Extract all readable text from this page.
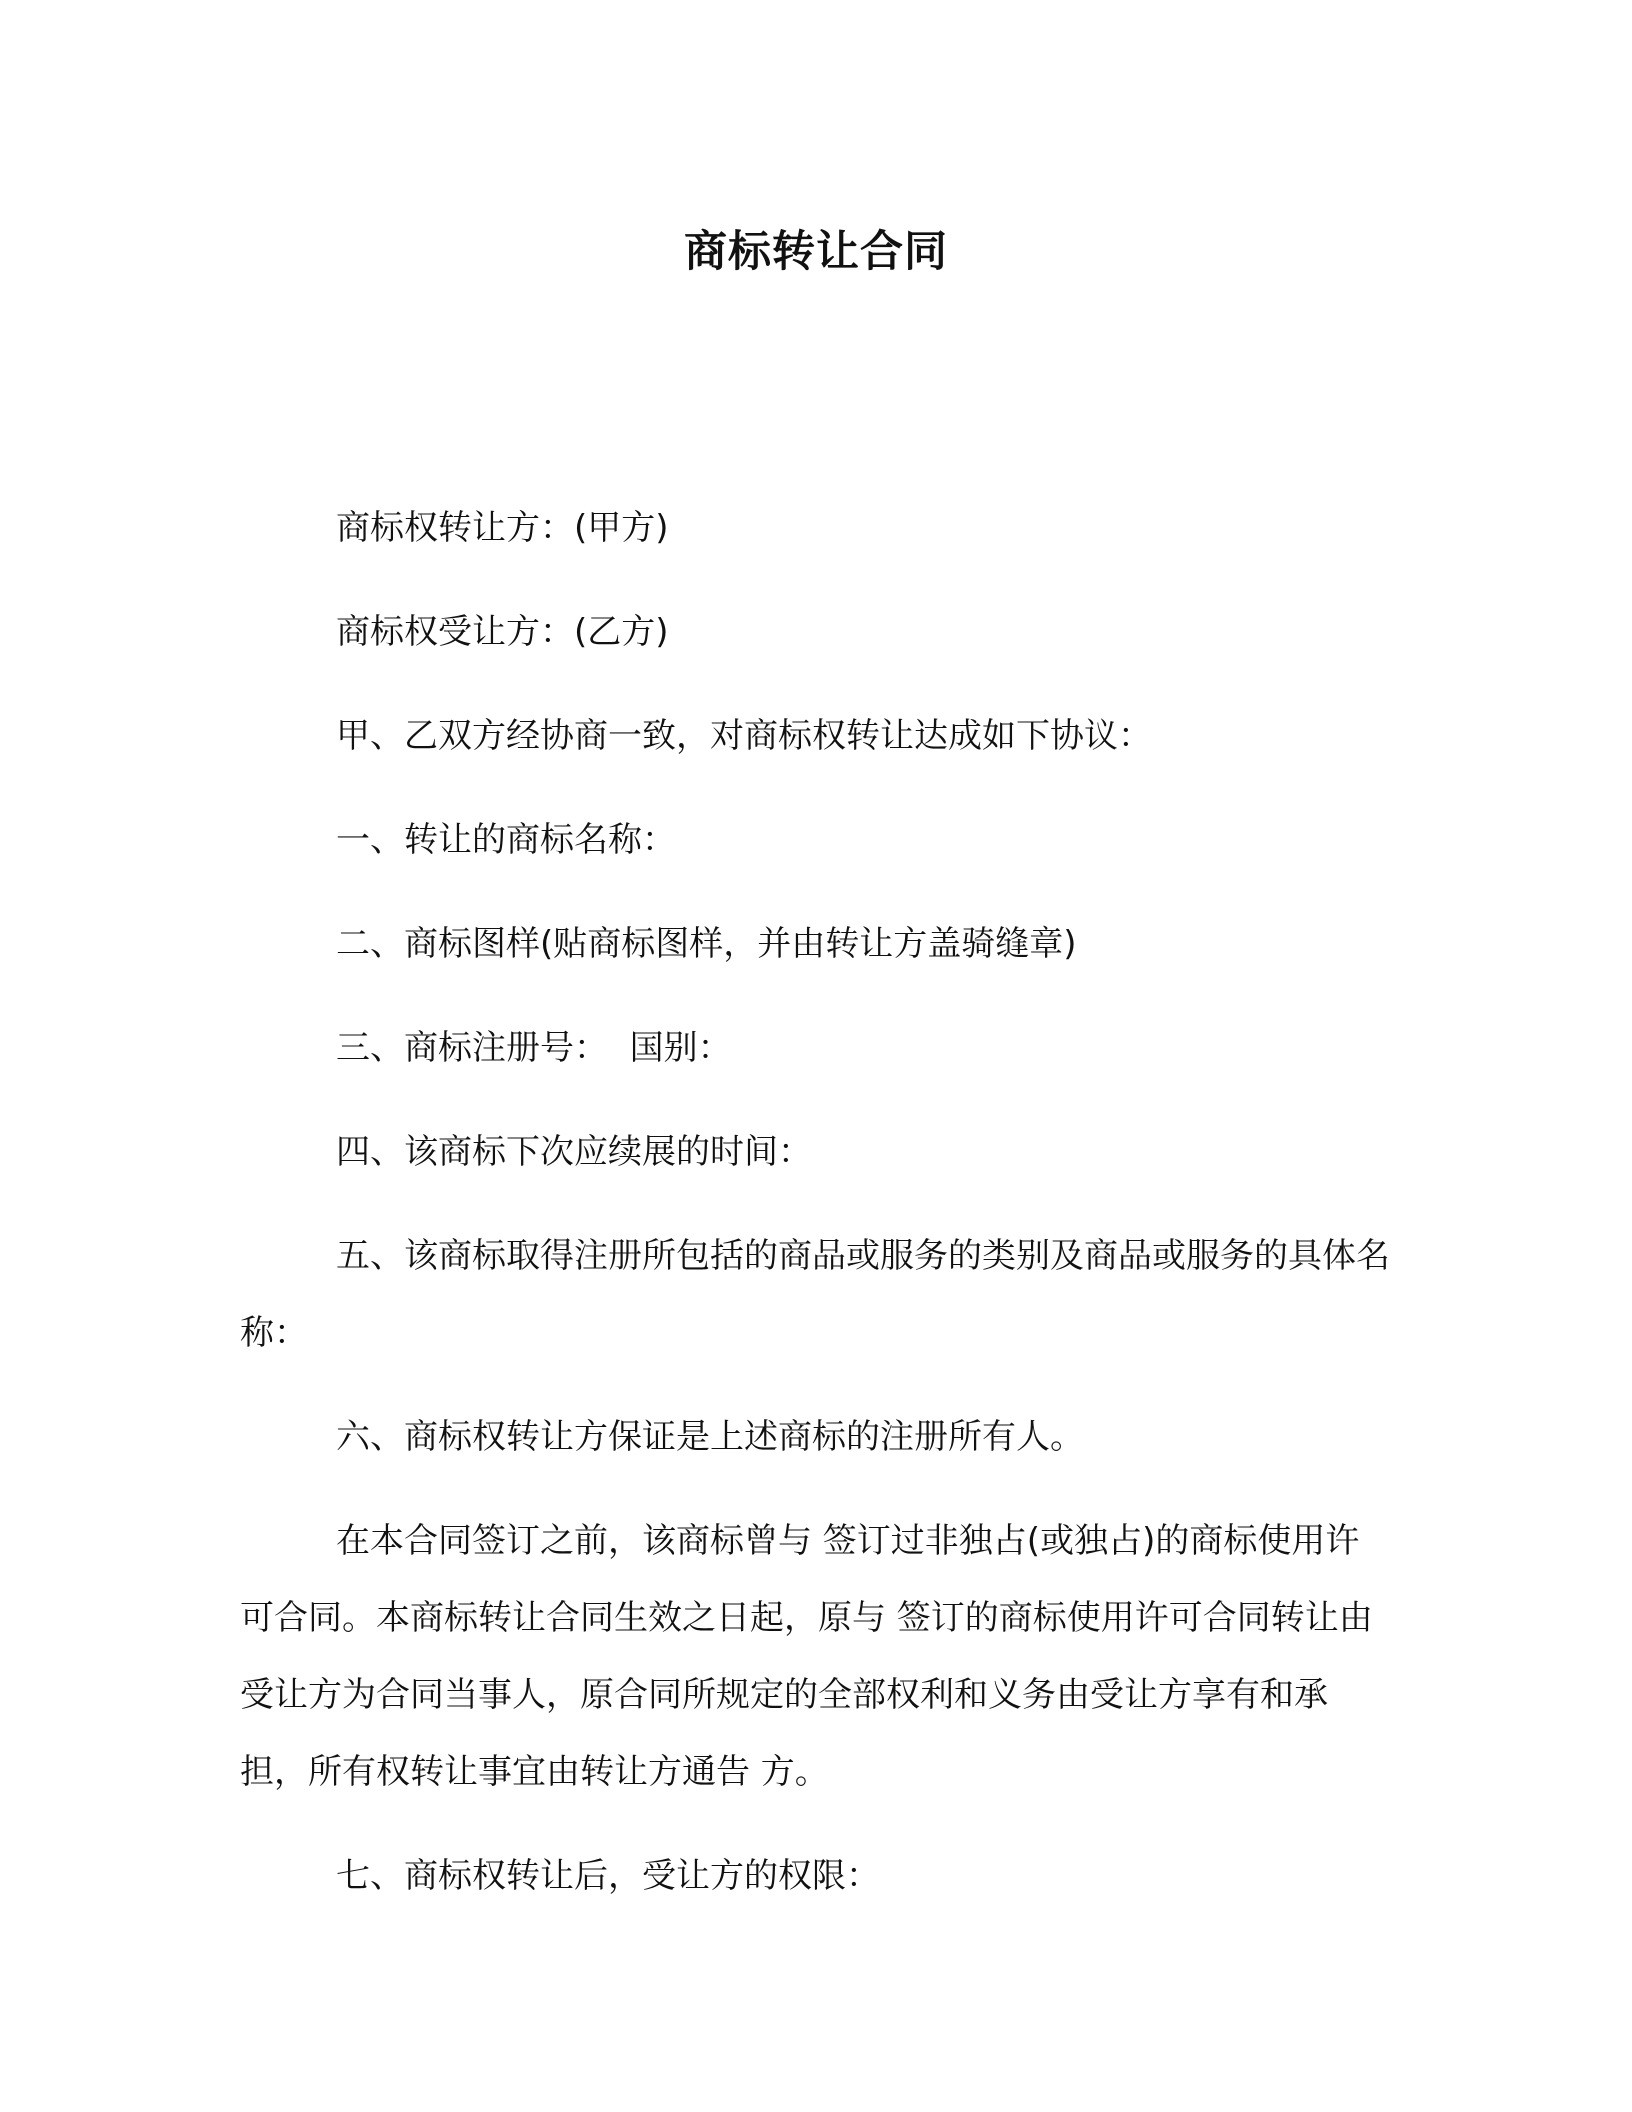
商标转让合同

商标权转让方：(甲方)

商标权受让方：(乙方)

甲、乙双方经协商一致，对商标权转让达成如下协议：

一、转让的商标名称：

二、商标图样(贴商标图样，并由转让方盖骑缝章)

三、商标注册号：  国别：

四、该商标下次应续展的时间：

五、该商标取得注册所包括的商品或服务的类别及商品或服务的具体名称：

六、商标权转让方保证是上述商标的注册所有人。

在本合同签订之前，该商标曾与 签订过非独占(或独占)的商标使用许可合同。本商标转让合同生效之日起，原与 签订的商标使用许可合同转让由受让方为合同当事人，原合同所规定的全部权利和义务由受让方享有和承担，所有权转让事宜由转让方通告 方。

七、商标权转让后，受让方的权限：
